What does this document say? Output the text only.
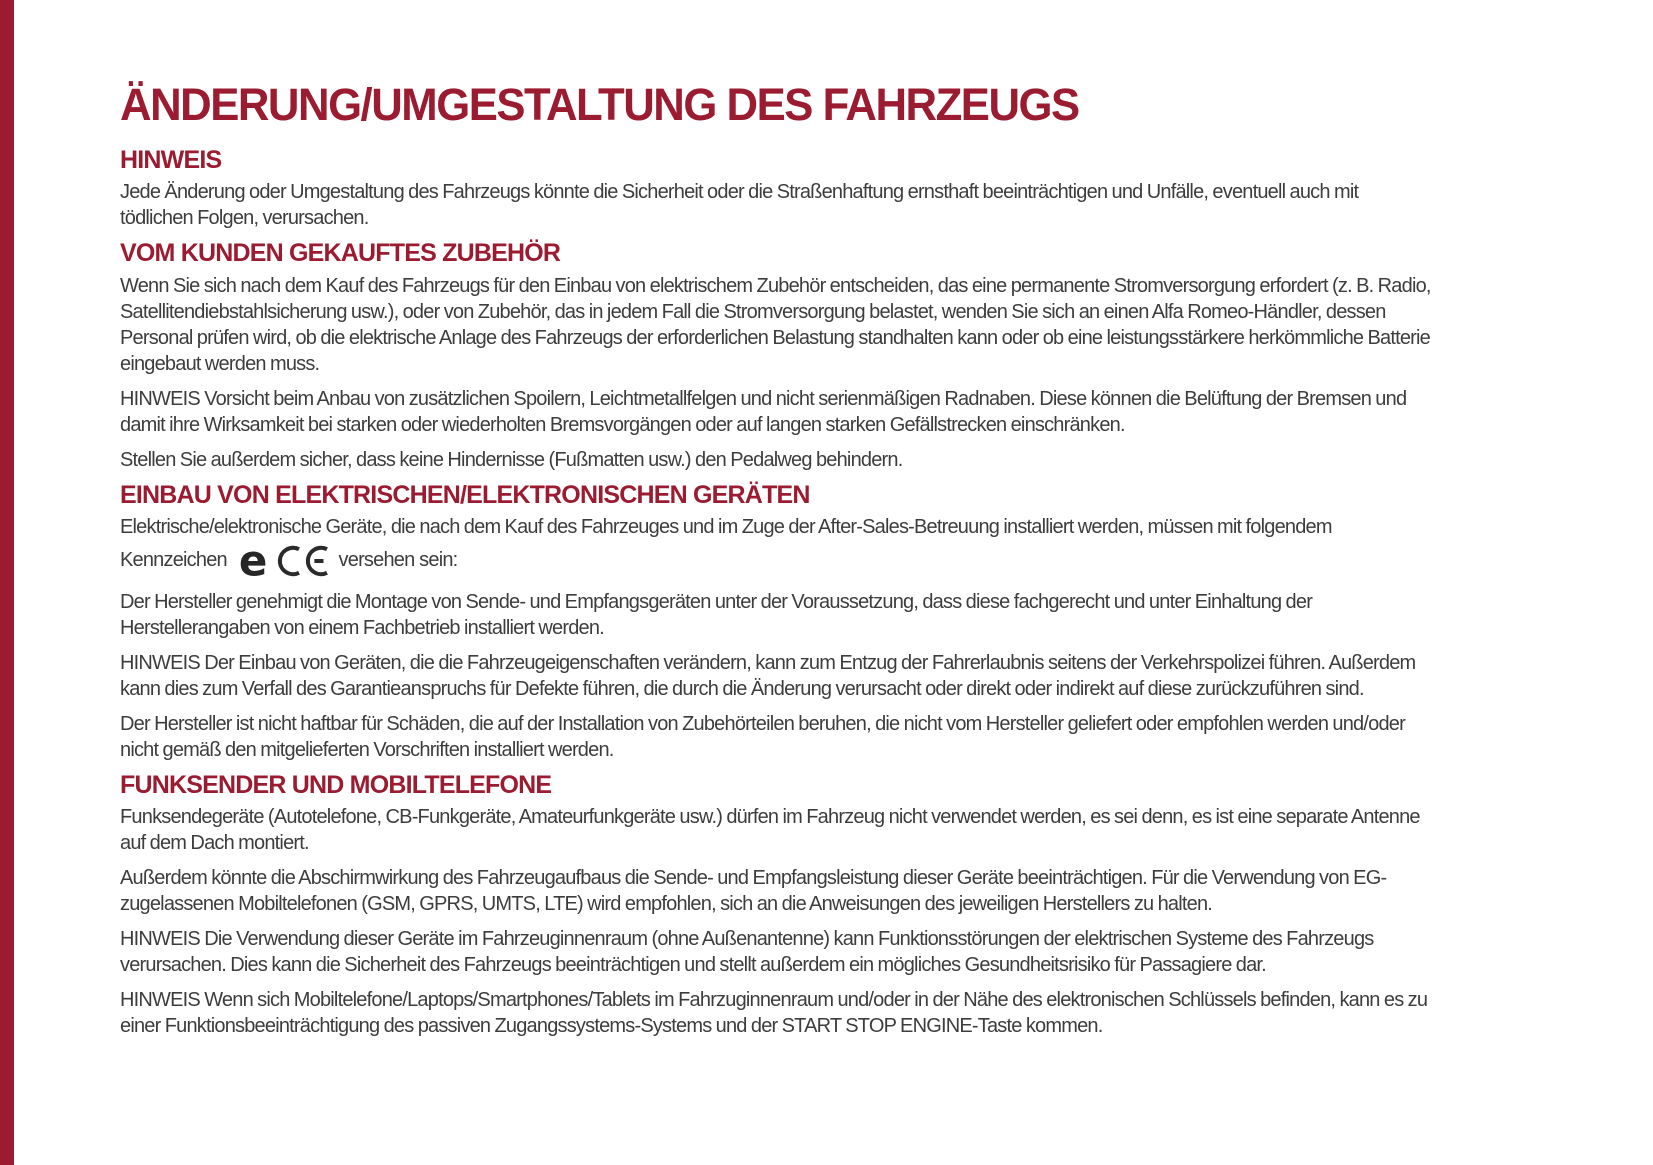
ÄNDERUNG/UMGESTALTUNG DES FAHRZEUGS
HINWEIS

Jede Änderung oder Umgestaltung des Fahrzeugs könnte die Sicherheit oder die Straßenhaftung ernsthaft beeinträchtigen und Unfälle, eventuell auch mit tödlichen Folgen, verursachen.

VOM KUNDEN GEKAUFTES ZUBEHÖR

Wenn Sie sich nach dem Kauf des Fahrzeugs für den Einbau von elektrischem Zubehör entscheiden, das eine permanente Stromversorgung erfordert (z. B. Radio, Satellitendiebstahlsicherung usw.), oder von Zubehör, das in jedem Fall die Stromversorgung belastet, wenden Sie sich an einen Alfa Romeo-Händler, dessen Personal prüfen wird, ob die elektrische Anlage des Fahrzeugs der erforderlichen Belastung standhalten kann oder ob eine leistungsstärkere herkömmliche Batterie eingebaut werden muss.

HINWEIS Vorsicht beim Anbau von zusätzlichen Spoilern, Leichtmetallfelgen und nicht serienmäßigen Radnaben. Diese können die Belüftung der Bremsen und damit ihre Wirksamkeit bei starken oder wiederholten Bremsvorgängen oder auf langen starken Gefällstrecken einschränken.

Stellen Sie außerdem sicher, dass keine Hindernisse (Fußmatten usw.) den Pedalweg behindern.

EINBAU VON ELEKTRISCHEN/ELEKTRONISCHEN GERÄTEN

Elektrische/elektronische Geräte, die nach dem Kauf des Fahrzeuges und im Zuge der After-Sales-Betreuung installiert werden, müssen mit folgendem

Kennzeichen e	versehen sein:

Der Hersteller genehmigt die Montage von Sende- und Empfangsgeräten unter der Voraussetzung, dass diese fachgerecht und unter Einhaltung der Herstellerangaben von einem Fachbetrieb installiert werden.

HINWEIS Der Einbau von Geräten, die die Fahrzeugeigenschaften verändern, kann zum Entzug der Fahrerlaubnis seitens der Verkehrspolizei führen. Außerdem kann dies zum Verfall des Garantieanspruchs für Defekte führen, die durch die Änderung verursacht oder direkt oder indirekt auf diese zurückzuführen sind.

Der Hersteller ist nicht haftbar für Schäden, die auf der Installation von Zubehörteilen beruhen, die nicht vom Hersteller geliefert oder empfohlen werden und/oder nicht gemäß den mitgelieferten Vorschriften installiert werden.

FUNKSENDER UND MOBILTELEFONE

Funksendegeräte (Autotelefone, CB-Funkgeräte, Amateurfunkgeräte usw.) dürfen im Fahrzeug nicht verwendet werden, es sei denn, es ist eine separate Antenne auf dem Dach montiert.

Außerdem könnte die Abschirmwirkung des Fahrzeugaufbaus die Sende- und Empfangsleistung dieser Geräte beeinträchtigen. Für die Verwendung von EG-zugelassenen Mobiltelefonen (GSM, GPRS, UMTS, LTE) wird empfohlen, sich an die Anweisungen des jeweiligen Herstellers zu halten.

HINWEIS Die Verwendung dieser Geräte im Fahrzeuginnenraum (ohne Außenantenne) kann Funktionsstörungen der elektrischen Systeme des Fahrzeugs verursachen. Dies kann die Sicherheit des Fahrzeugs beeinträchtigen und stellt außerdem ein mögliches Gesundheitsrisiko für Passagiere dar.

HINWEIS Wenn sich Mobiltelefone/Laptops/Smartphones/Tablets im Fahrzuginnenraum und/oder in der Nähe des elektronischen Schlüssels befinden, kann es zu einer Funktionsbeeinträchtigung des passiven Zugangssystems-Systems und der START STOP ENGINE-Taste kommen.
